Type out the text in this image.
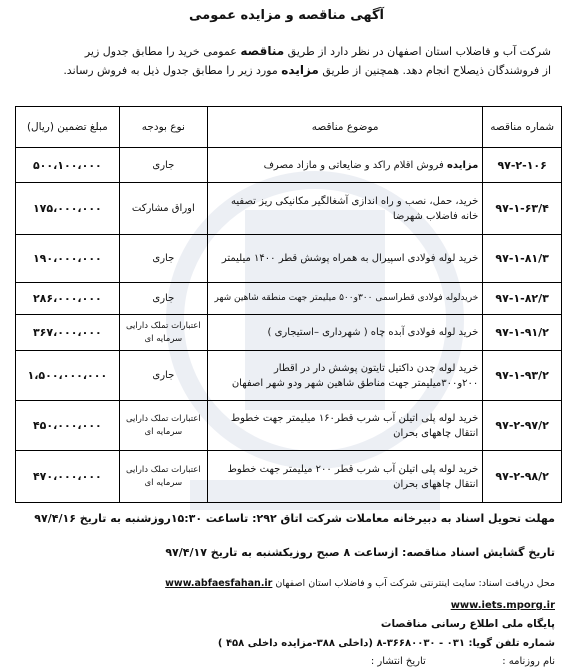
آگهی مناقصه و مزایده عمومی
شرکت آب و فاضلاب استان اصفهان در نظر دارد از طریق مناقصه عمومی خرید را مطابق جدول زیر
از فروشندگان ذیصلاح انجام دهد. همچنین از طریق مزایده مورد زیر را مطابق جدول ذیل به فروش رساند.
شماره مناقصه	موضوع مناقصه	نوع بودجه	مبلغ تضمین (ریال)
۹۷-۲-۱۰۶	مزایده فروش اقلام راکد و ضایعاتی و مازاد مصرف	جاری	۵۰۰،۱۰۰،۰۰۰
۹۷-۱-۶۳/۴	خرید، حمل، نصب و راه اندازی آشغالگیر مکانیکی ریز تصفیه خانه فاضلاب شهرضا	اوراق مشارکت	۱۷۵،۰۰۰،۰۰۰
۹۷-۱-۸۱/۳	خرید لوله فولادی اسپیرال به همراه پوشش قطر ۱۴۰۰ میلیمتر	جاری	۱۹۰،۰۰۰،۰۰۰
۹۷-۱-۸۲/۳	خریدلوله فولادی قطراسمی ۳۰۰و۵۰۰ میلیمتر جهت منطقه شاهین شهر	جاری	۲۸۶،۰۰۰،۰۰۰
۹۷-۱-۹۱/۲	خرید لوله فولادی آبده چاه ( شهرداری –استیجاری )	اعتبارات تملک دارایی سرمایه ای	۳۶۷،۰۰۰،۰۰۰
۹۷-۱-۹۳/۲	خرید لوله چدن داکتیل تایتون پوشش دار در اقطار ۲۰۰و۳۰۰میلیمتر جهت مناطق شاهین شهر ودو شهر اصفهان	جاری	۱،۵۰۰،۰۰۰،۰۰۰
۹۷-۲-۹۷/۲	خرید لوله پلی اتیلن آب شرب قطر۱۶۰ میلیمتر جهت خطوط انتقال چاههای بحران	اعتبارات تملک دارایی سرمایه ای	۴۵۰،۰۰۰،۰۰۰
۹۷-۲-۹۸/۲	خرید لوله پلی اتیلن آب شرب قطر ۲۰۰ میلیمتر جهت خطوط انتقال چاههای بحران	اعتبارات تملک دارایی سرمایه ای	۴۷۰،۰۰۰،۰۰۰
مهلت تحویل اسناد به دبیرخانه معاملات شرکت اتاق ۲۹۲: تاساعت ۱۵:۳۰روزشنبه به تاریخ ۹۷/۴/۱۶
تاریخ گشایش اسناد مناقصه: ازساعت ۸ صبح روزیکشنبه به تاریخ ۹۷/۴/۱۷
محل دریافت اسناد: سایت اینترنتی شرکت آب و فاضلاب استان اصفهان www.abfaesfahan.ir
www.iets.mporg.ir
پایگاه ملی اطلاع رسانی مناقصات
شماره تلفن گویا: ۰۳۱ - ۳۶۶۸۰۰۳۰-۸ (داخلی ۳۸۸-مزایده داخلی ۴۵۸ )
نام روزنامه :  تاریخ انتشار :
